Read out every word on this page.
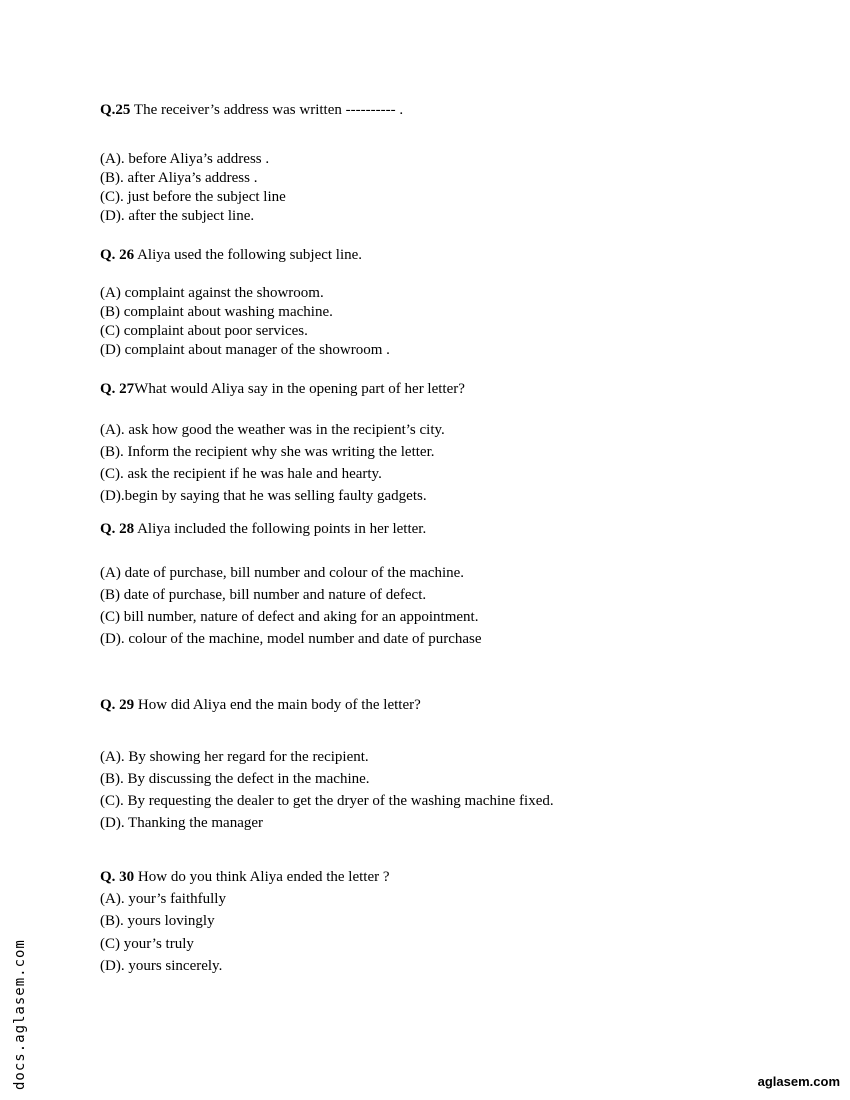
Q.25 The receiver’s address was written ---------- .
(A). before Aliya’s address .
(B). after Aliya’s address .
(C). just before the subject line
(D). after the subject line.
Q. 26 Aliya used the following subject line.
(A) complaint against the showroom.
(B) complaint about washing machine.
(C) complaint about poor services.
(D) complaint about manager of the showroom .
Q. 27What would Aliya say in the opening part of her letter?
(A). ask how good the weather was in the recipient’s city.
(B). Inform the recipient why she was writing the letter.
(C). ask the recipient if he was hale and hearty.
(D).begin by saying that he was selling faulty gadgets.
Q. 28 Aliya included the following points in her letter.
(A) date of purchase, bill number and colour of the machine.
(B) date of purchase, bill number and nature of defect.
(C) bill number, nature of defect and aking for an appointment.
(D). colour of the machine, model number and date of purchase
Q. 29 How did Aliya end the main body of the letter?
(A). By showing her regard for the recipient.
(B). By discussing the defect in the machine.
(C). By requesting the dealer to get the dryer of the washing machine fixed.
(D). Thanking the manager
Q. 30 How do you think Aliya ended the letter ?
(A). your’s faithfully
(B). yours lovingly
(C) your’s truly
(D). yours sincerely.
docs.aglasem.com	aglasem.com
